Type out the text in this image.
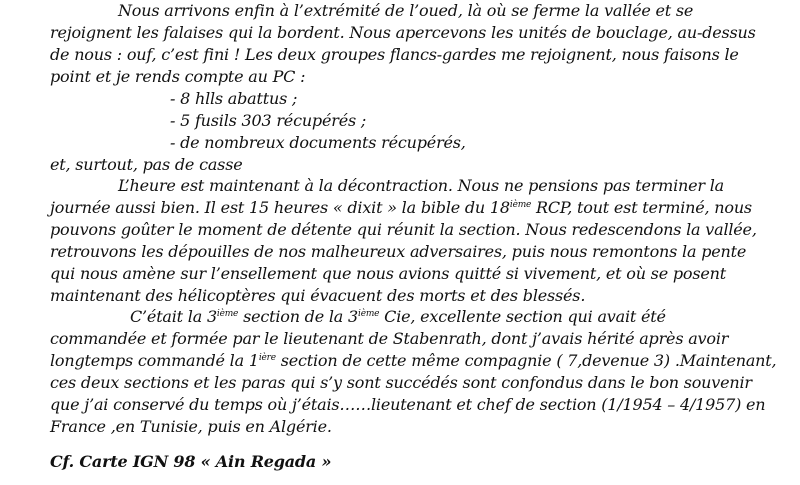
Nous arrivons enfin à l’extrémité de l’oued, là où se ferme la vallée et se
rejoignent les falaises qui la bordent. Nous apercevons les unités de bouclage, au-dessus
de nous : ouf, c’est fini ! Les deux groupes flancs-gardes me rejoignent, nous faisons le
point et je rends compte au PC :
- 8 hlls abattus ;
- 5 fusils 303 récupérés ;
- de nombreux documents récupérés,
et, surtout, pas de casse
L’heure est maintenant à la décontraction. Nous ne pensions pas terminer la
journée aussi bien. Il est 15 heures « dixit » la bible du 18ième RCP, tout est terminé, nous
pouvons goûter le moment de détente qui réunit la section. Nous redescendons la vallée,
retrouvons les dépouilles de nos malheureux adversaires, puis nous remontons la pente
qui nous amène sur l’ensellement que nous avions quitté si vivement, et où se posent
maintenant des hélicoptères qui évacuent des morts et des blessés.
C’était la 3ième section de la 3ième Cie, excellente section qui avait été
commandée et formée par le lieutenant de Stabenrath, dont j’avais hérité après avoir
longtemps commandé la $1^{ière}$ section de cette même compagnie ( 7,devenue 3) .Maintenant,
ces deux sections et les paras qui s’y sont succédés sont confondus dans le bon souvenir
que j’ai conservé du temps où j’étais……lieutenant et chef de section (1/1954 – 4/1957) en
France ,en Tunisie, puis en Algérie.
Cf. Carte IGN 98 « Ain Regada »
